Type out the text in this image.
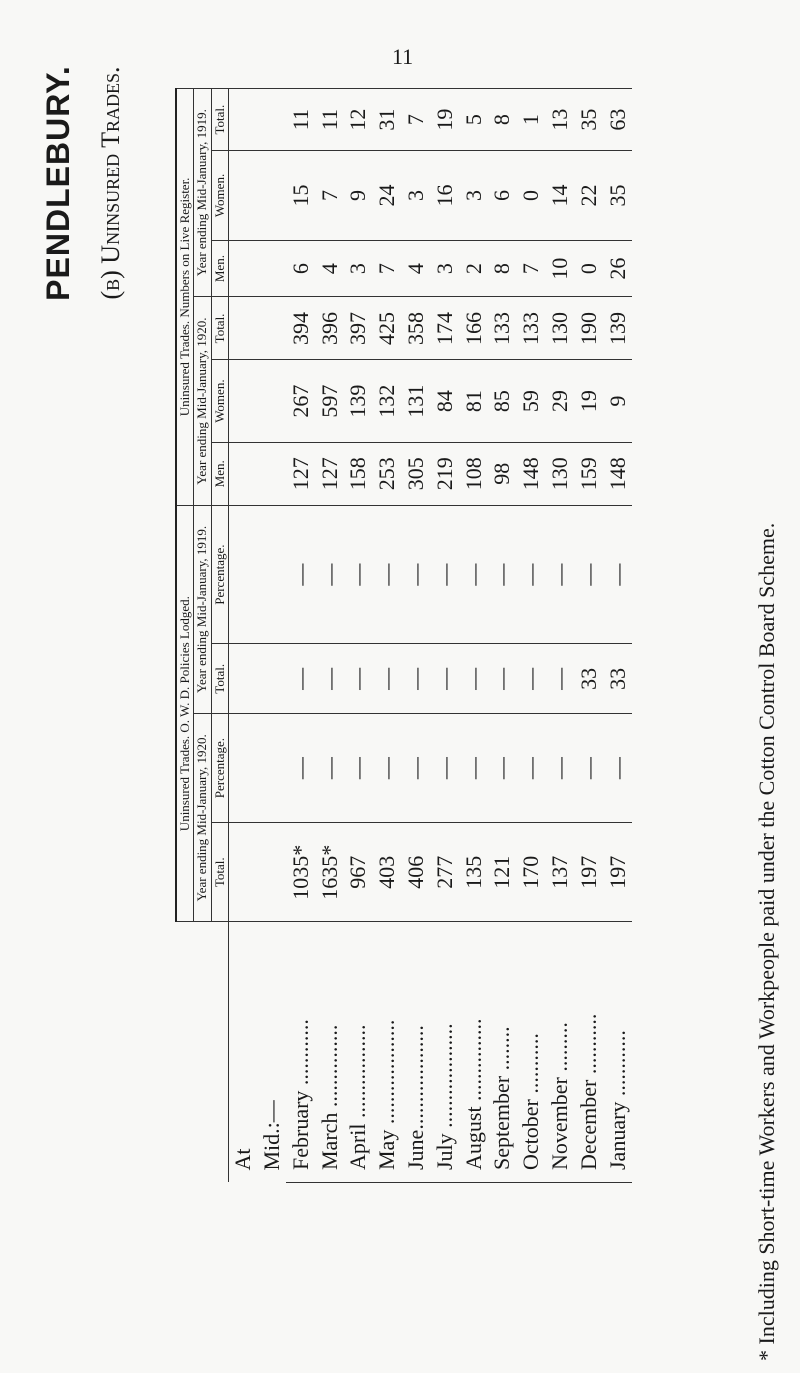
11
PENDLEBURY. (b) Uninsured Trades.
	Uninsured Trades. O. W. D. Policies Lodged.				Uninsured Trades. Numbers on Live Register.					
	Year ending Mid-January, 1920.		Year ending Mid-January, 1919.		Year ending Mid-January, 1920.			Year ending Mid-January, 1919.		
	Total.	Percentage.	Total.	Percentage.	Men.	Women.	Total.	Men.	Women.	Total.
At										
Mid.:—										
February ............	1035*	—	—	—	127	267	394	6	15	11
March ...............	1635*	—	—	—	127	597	396	4	7	11
April .................	967	—	—	—	158	139	397	3	9	12
May ...................	403	—	—	—	253	132	425	7	24	31
June...................	406	—	—	—	305	131	358	4	3	7
July ...................	277	—	—	—	219	84	174	3	16	19
August ...............	135	—	—	—	108	81	166	2	3	5
September ........	121	—	—	—	98	85	133	8	6	8
October ...........	170	—	—	—	148	59	133	7	0	1
November .........	137	—	—	—	130	29	130	10	14	13
December ...........	197	—	33	—	159	19	190	0	22	35
January ............	197	—	33	—	148	9	139	26	35	63
* Including Short-time Workers and Workpeople paid under the Cotton Control Board Scheme.
